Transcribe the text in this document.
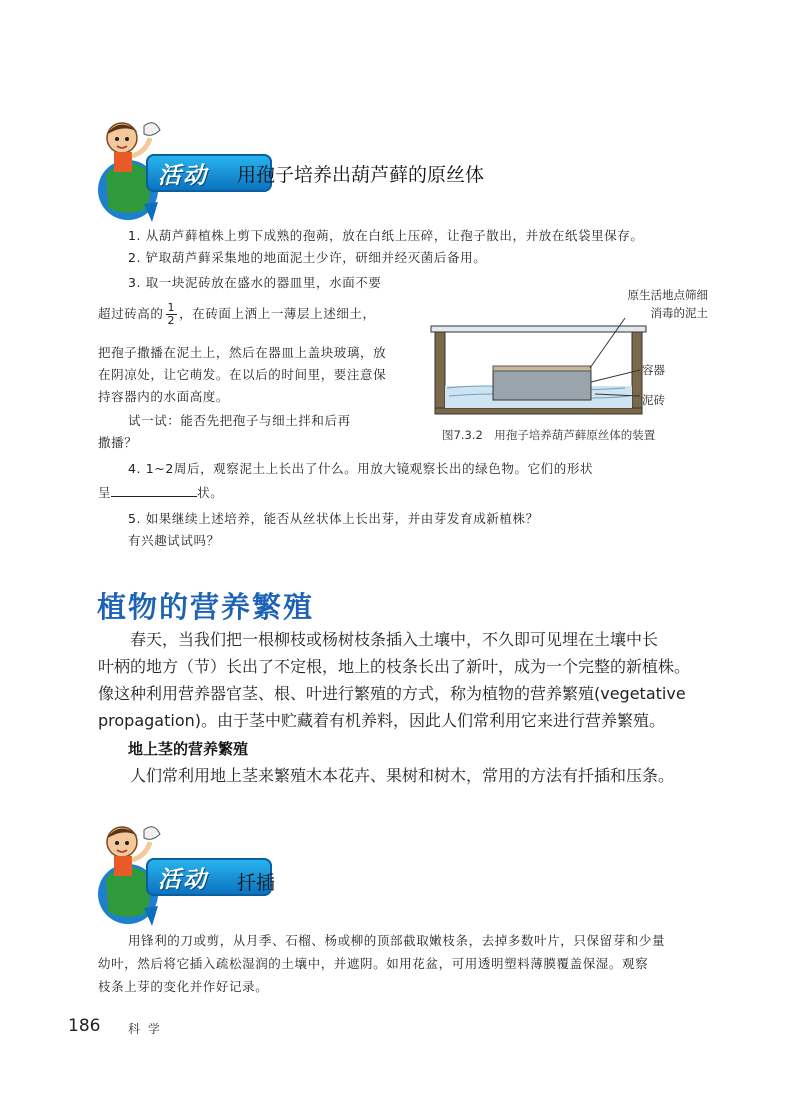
活动 用孢子培养出葫芦藓的原丝体
1. 从葫芦藓植株上剪下成熟的孢蒴，放在白纸上压碎，让孢子散出，并放在纸袋里保存。
2. 铲取葫芦藓采集地的地面泥土少许，研细并经灭菌后备用。
3. 取一块泥砖放在盛水的器皿里，水面不要
超过砖高的 $\frac{1}{2}$ ，在砖面上洒上一薄层上述细土，
把孢子撒播在泥土上，然后在器皿上盖块玻璃，放
在阴凉处，让它萌发。在以后的时间里，要注意保
持容器内的水面高度。
试一试：能否先把孢子与细土拌和后再
撒播？
4. 1~2周后，观察泥土上长出了什么。用放大镜观察长出的绿色物。它们的形状
呈	状。
5. 如果继续上述培养，能否从丝状体上长出芽，并由芽发育成新植株？
有兴趣试试吗？
原生活地点筛细
消毒的泥土
容器
泥砖
图7.3.2　用孢子培养葫芦藓原丝体的装置
植物的营养繁殖
春天，当我们把一根柳枝或杨树枝条插入土壤中，不久即可见埋在土壤中长
叶柄的地方（节）长出了不定根，地上的枝条长出了新叶，成为一个完整的新植株。
像这种利用营养器官茎、根、叶进行繁殖的方式，称为植物的营养繁殖(vegetative
propagation)。由于茎中贮藏着有机养料，因此人们常利用它来进行营养繁殖。
地上茎的营养繁殖
人们常利用地上茎来繁殖木本花卉、果树和树木，常用的方法有扦插和压条。
活动 扦插
用锋利的刀或剪，从月季、石榴、杨或柳的顶部截取嫩枝条，去掉多数叶片，只保留芽和少量
幼叶，然后将它插入疏松湿润的土壤中，并遮阴。如用花盆，可用透明塑料薄膜覆盖保湿。观察
枝条上芽的变化并作好记录。
186 科 学
